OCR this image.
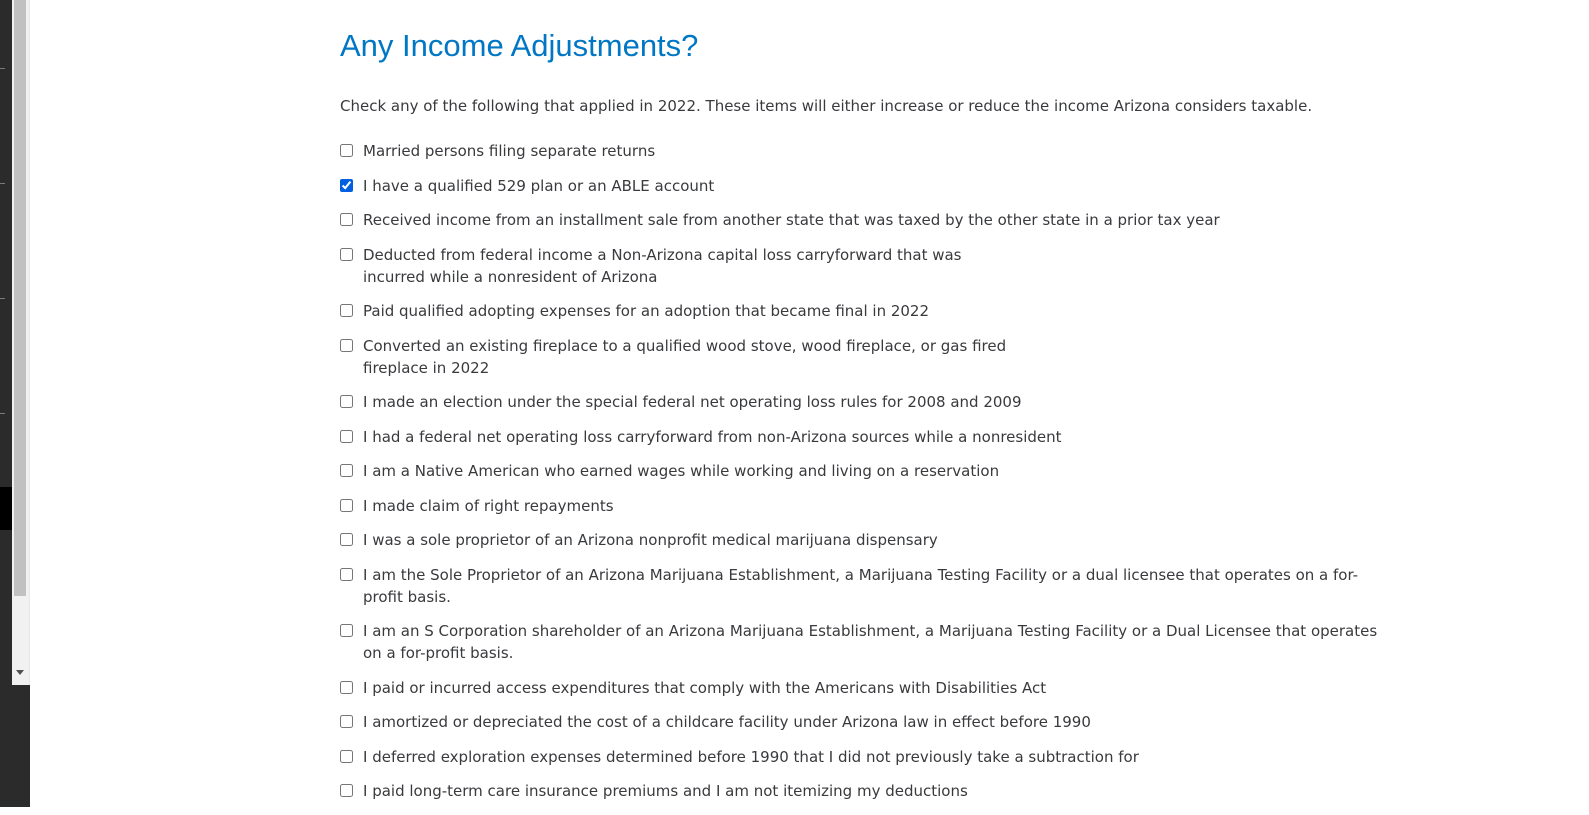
Any Income Adjustments?

Check any of the following that applied in 2022. These items will either increase or reduce the income Arizona considers taxable.

Married persons filing separate returns
I have a qualified 529 plan or an ABLE account
Received income from an installment sale from another state that was taxed by the other state in a prior tax year
Deducted from federal income a Non-Arizona capital loss carryforward that was incurred while a nonresident of Arizona
Paid qualified adopting expenses for an adoption that became final in 2022
Converted an existing fireplace to a qualified wood stove, wood fireplace, or gas fired fireplace in 2022
I made an election under the special federal net operating loss rules for 2008 and 2009
I had a federal net operating loss carryforward from non-Arizona sources while a nonresident
I am a Native American who earned wages while working and living on a reservation
I made claim of right repayments
I was a sole proprietor of an Arizona nonprofit medical marijuana dispensary
I am the Sole Proprietor of an Arizona Marijuana Establishment, a Marijuana Testing Facility or a dual licensee that operates on a for-profit basis.
I am an S Corporation shareholder of an Arizona Marijuana Establishment, a Marijuana Testing Facility or a Dual Licensee that operates on a for-profit basis.
I paid or incurred access expenditures that comply with the Americans with Disabilities Act
I amortized or depreciated the cost of a childcare facility under Arizona law in effect before 1990
I deferred exploration expenses determined before 1990 that I did not previously take a subtraction for
I paid long-term care insurance premiums and I am not itemizing my deductions
